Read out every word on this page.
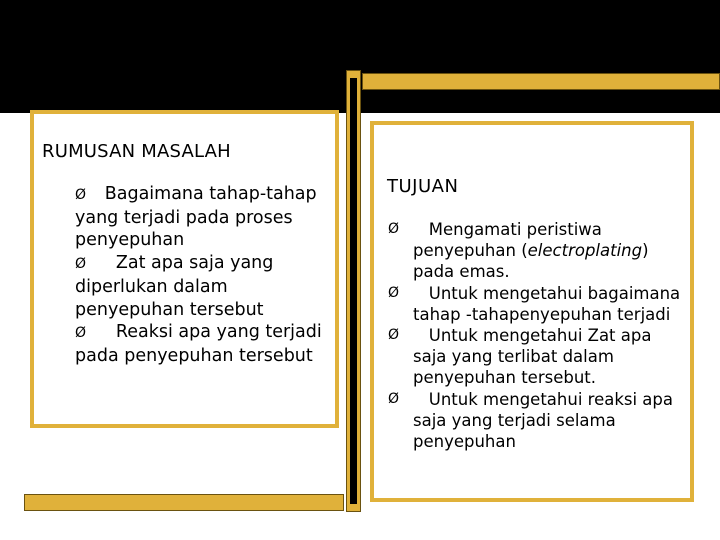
RUMUSAN MASALAH
Ø Bagaimana tahap-tahap yang terjadi pada proses penyepuhan
Ø Zat apa saja yang diperlukan dalam penyepuhan tersebut
Ø Reaksi apa yang terjadi pada penyepuhan tersebut
TUJUAN
Ø Mengamati peristiwa penyepuhan (electroplating) pada emas.
Ø Untuk mengetahui bagaimana tahap -tahapenyepuhan terjadi
Ø Untuk mengetahui Zat apa saja yang terlibat dalam penyepuhan tersebut.
Ø Untuk mengetahui reaksi apa saja yang terjadi selama penyepuhan
